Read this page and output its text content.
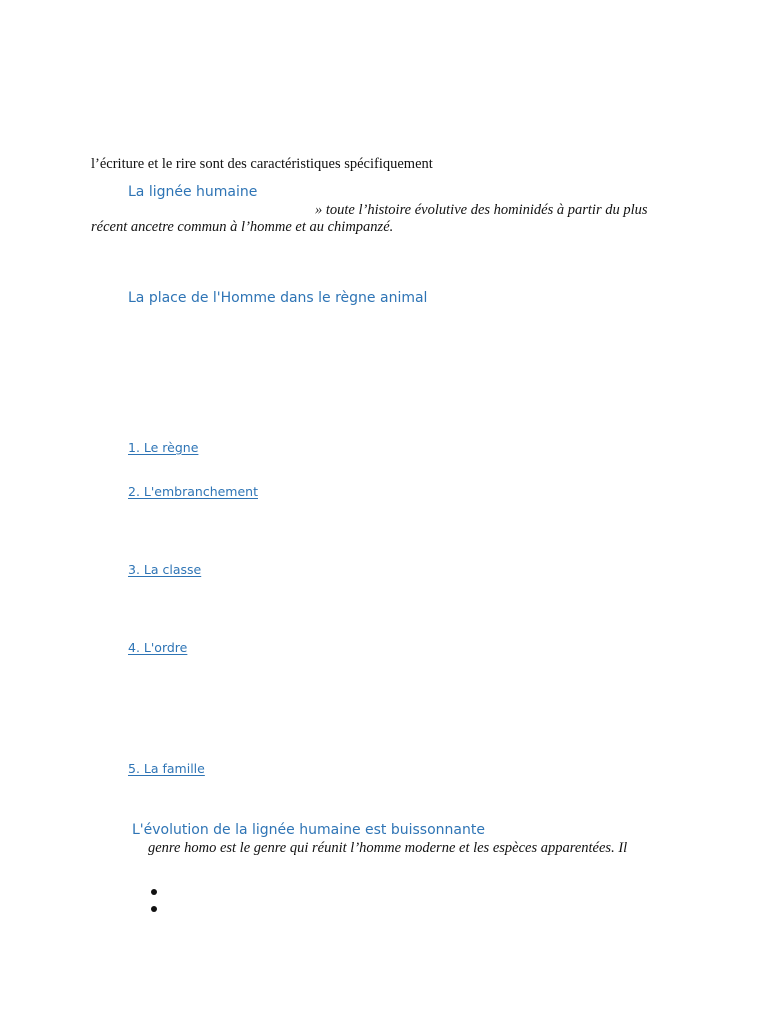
l’écriture et le rire sont des caractéristiques spécifiquement
La lignée humaine
» toute l’histoire évolutive des hominidés à partir du plus
récent ancetre commun à l’homme et au chimpanzé.
La place de l'Homme dans le règne animal
1. Le règne
2. L'embranchement
3. La classe
4. L'ordre
5. La famille
L'évolution de la lignée humaine est buissonnante
genre homo est le genre qui réunit l’homme moderne et les espèces apparentées. Il
